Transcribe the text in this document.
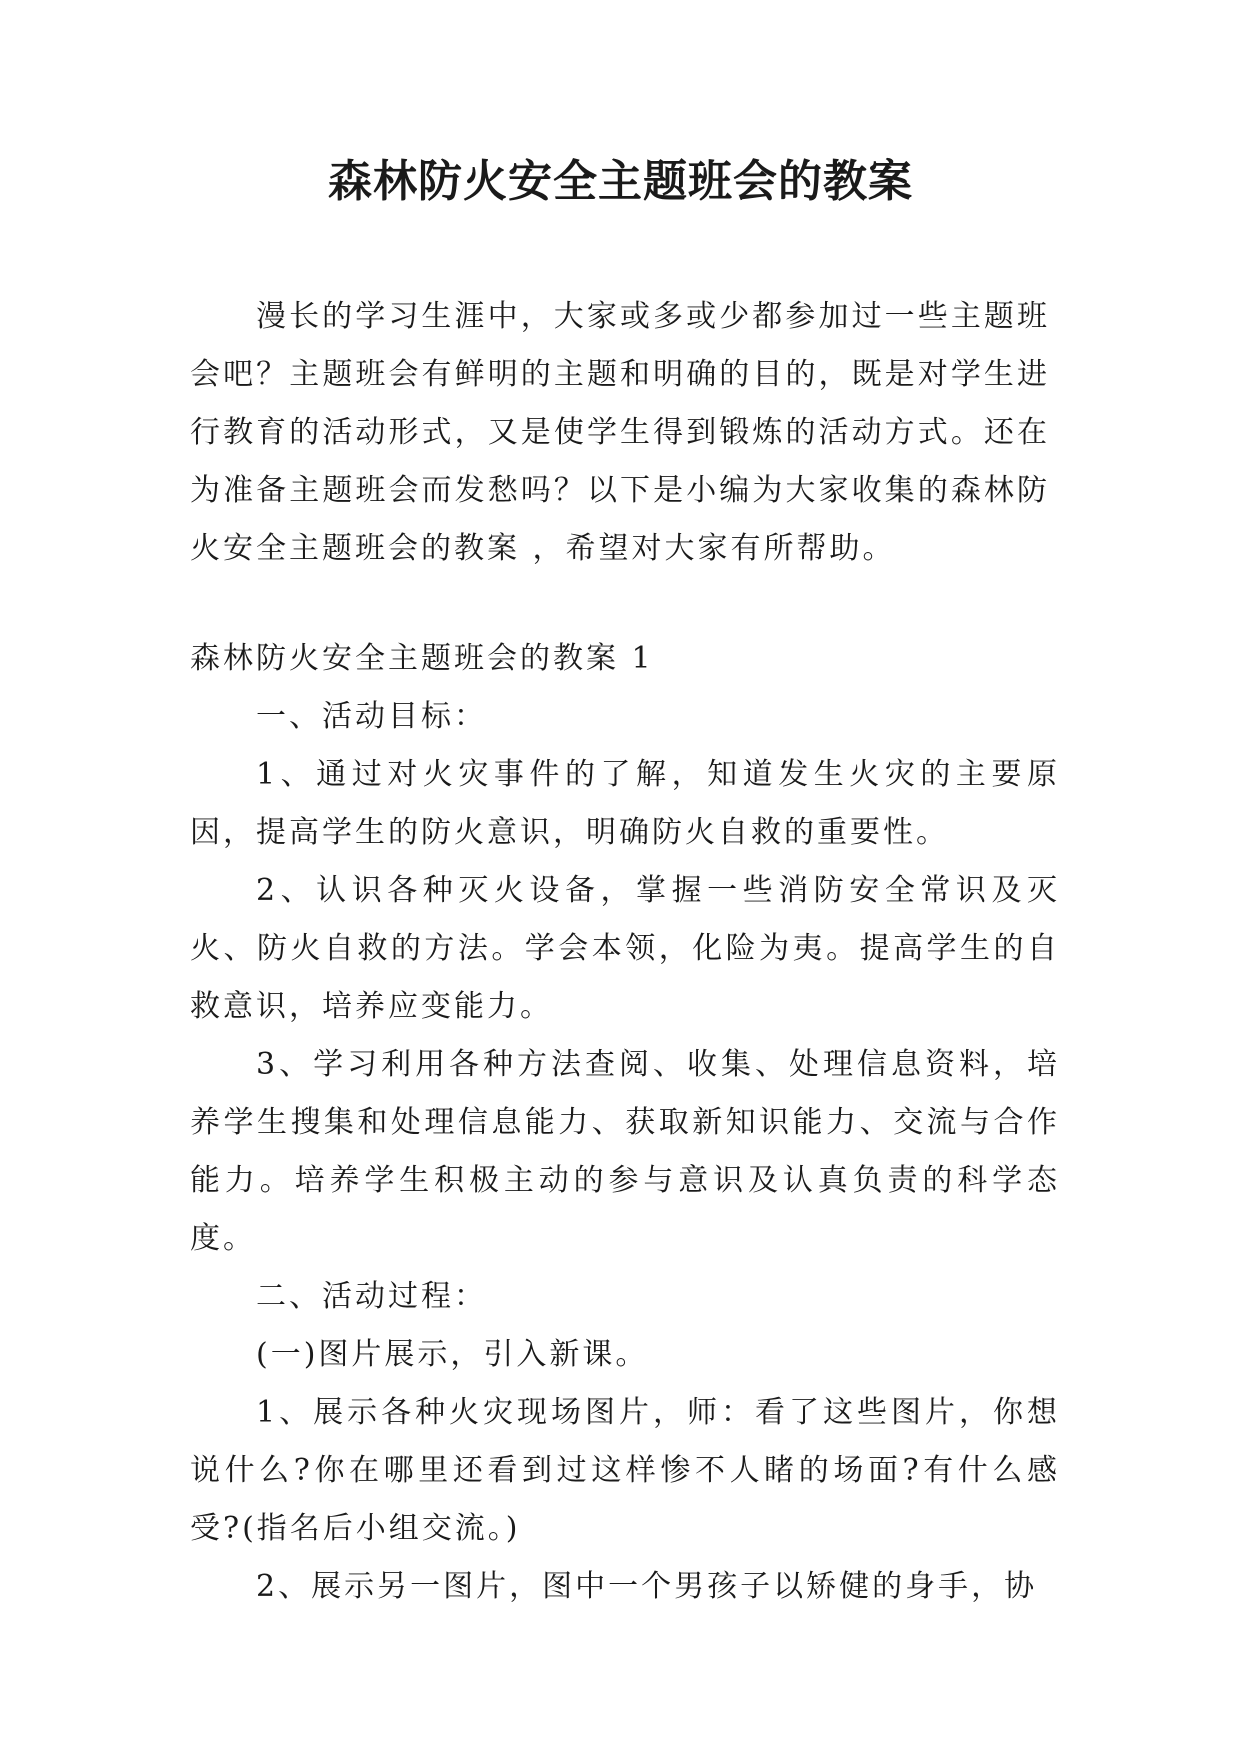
森林防火安全主题班会的教案

漫长的学习生涯中，大家或多或少都参加过一些主题班会吧？主题班会有鲜明的主题和明确的目的，既是对学生进行教育的活动形式，又是使学生得到锻炼的活动方式。还在为准备主题班会而发愁吗？以下是小编为大家收集的森林防火安全主题班会的教案 ，希望对大家有所帮助。

森林防火安全主题班会的教案 1

一、活动目标：

1、通过对火灾事件的了解，知道发生火灾的主要原因，提高学生的防火意识，明确防火自救的重要性。

2、认识各种灭火设备，掌握一些消防安全常识及灭火、防火自救的方法。学会本领，化险为夷。提高学生的自救意识，培养应变能力。

3、学习利用各种方法查阅、收集、处理信息资料，培养学生搜集和处理信息能力、获取新知识能力、交流与合作能力。培养学生积极主动的参与意识及认真负责的科学态度。

二、活动过程：

(一)图片展示，引入新课。

1、展示各种火灾现场图片，师：看了这些图片，你想说什么?你在哪里还看到过这样惨不人睹的场面?有什么感受?(指名后小组交流。)

2、展示另一图片，图中一个男孩子以矫健的身手，协
